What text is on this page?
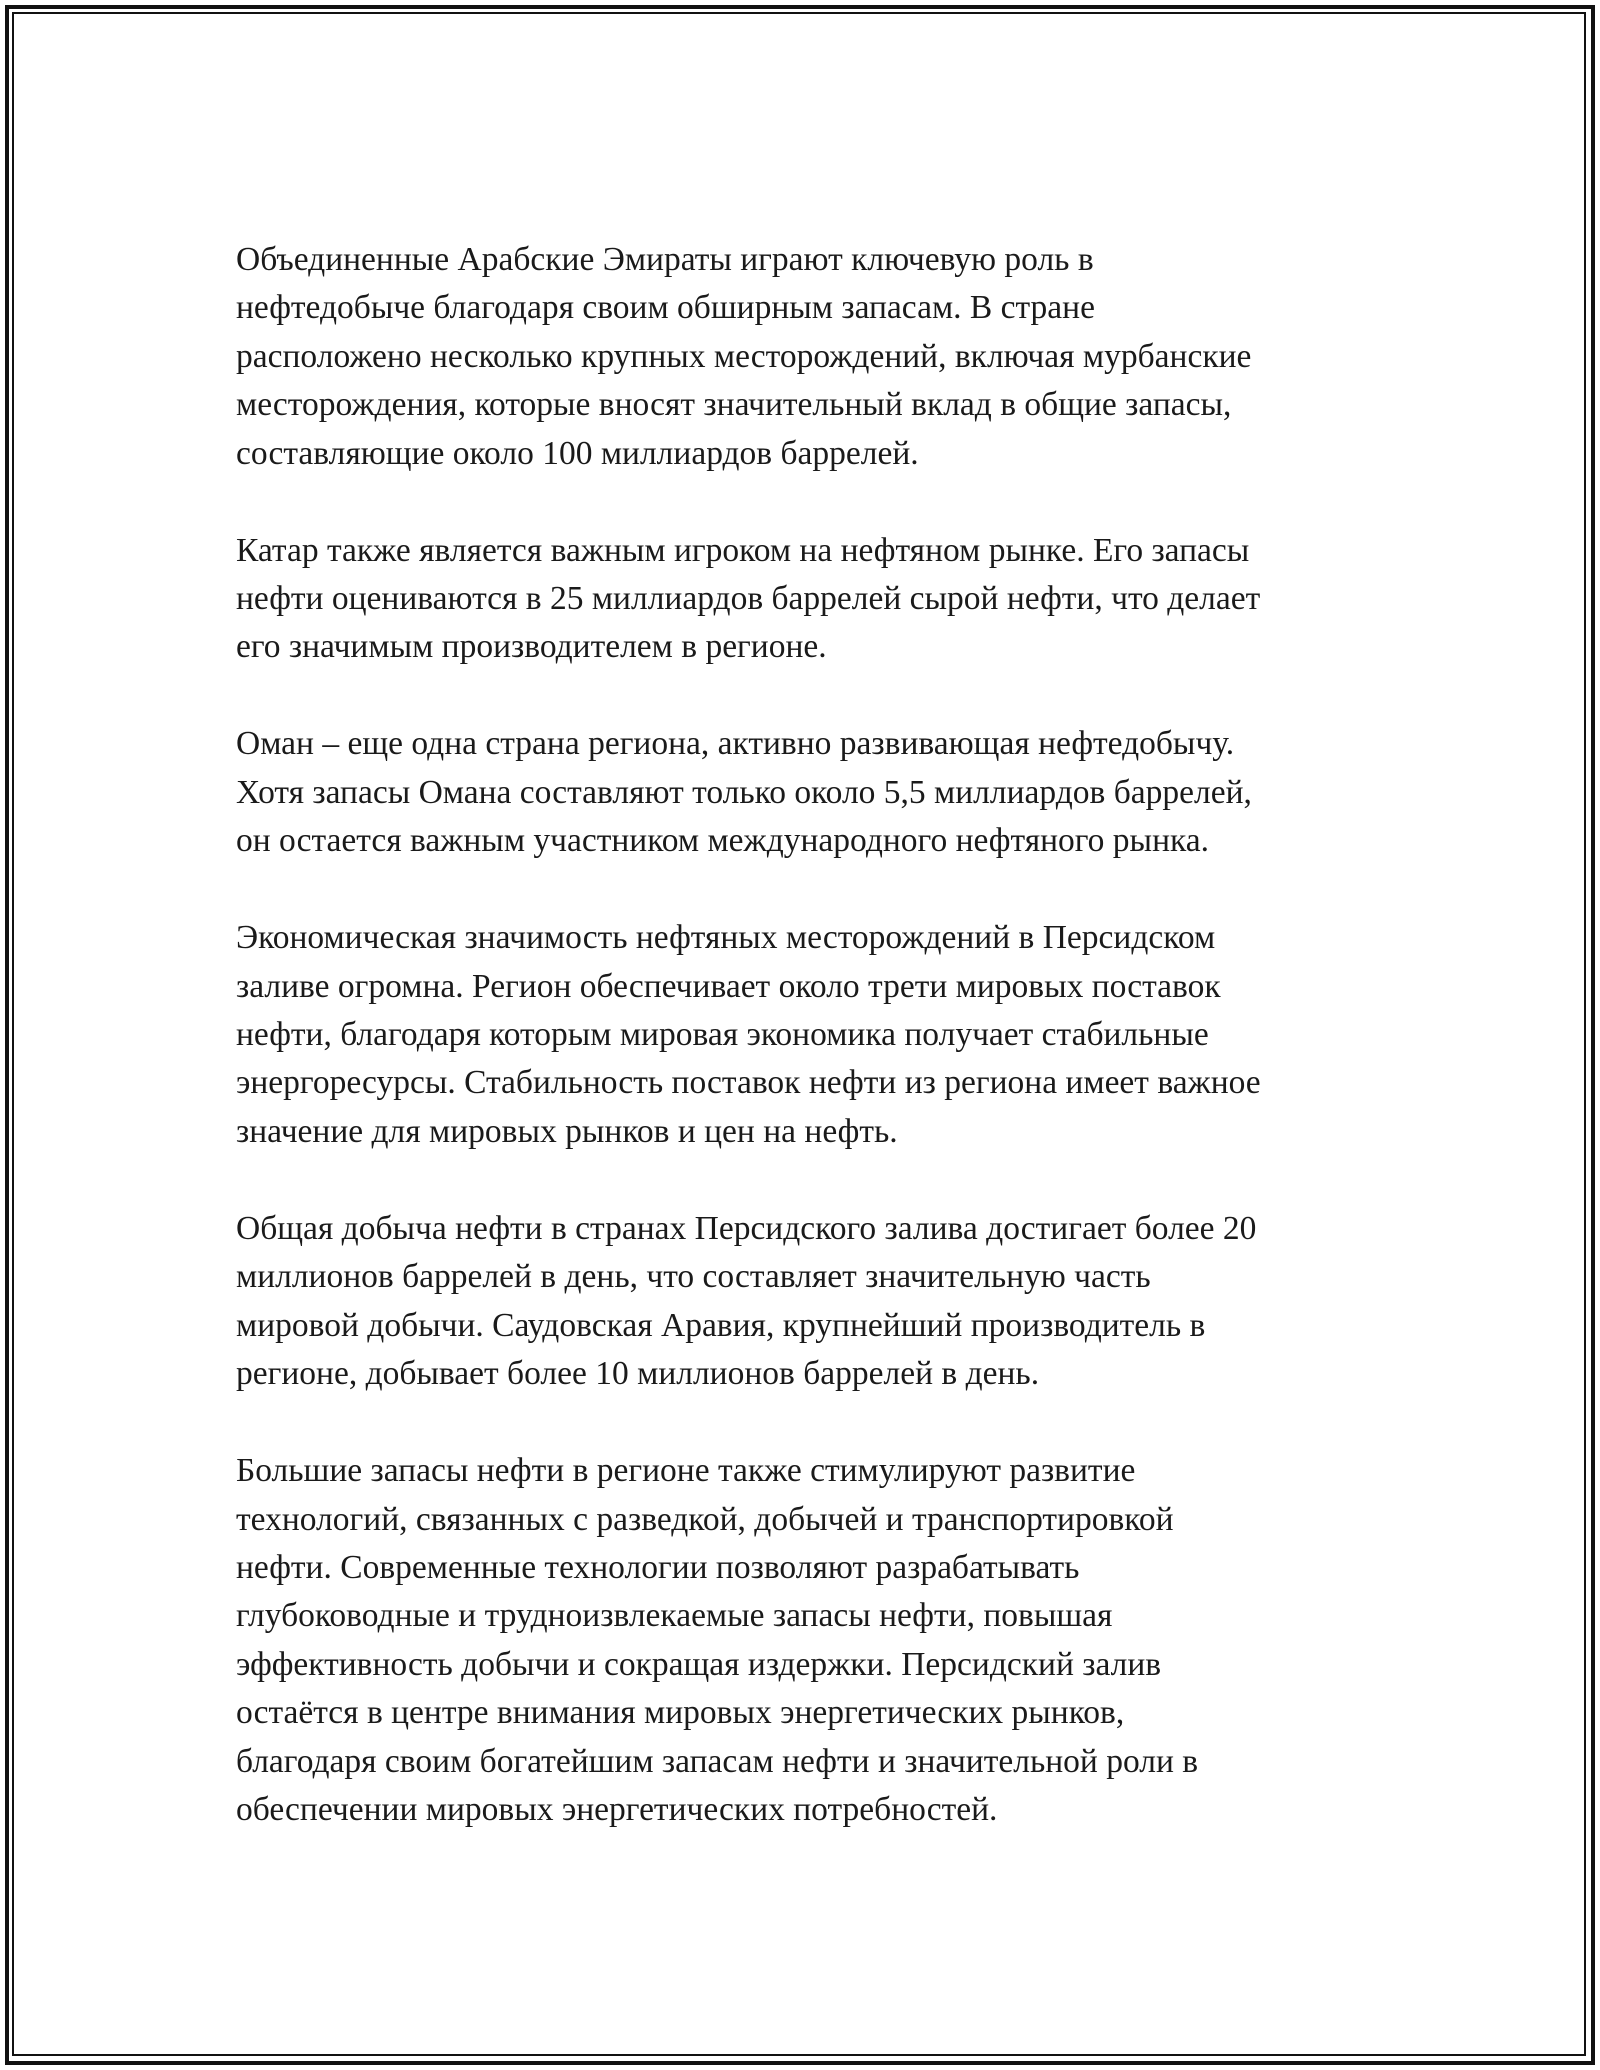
Объединенные Арабские Эмираты играют ключевую роль в
нефтедобыче благодаря своим обширным запасам. В стране
расположено несколько крупных месторождений, включая мурбанские
месторождения, которые вносят значительный вклад в общие запасы,
составляющие около 100 миллиардов баррелей.

Катар также является важным игроком на нефтяном рынке. Его запасы
нефти оцениваются в 25 миллиардов баррелей сырой нефти, что делает
его значимым производителем в регионе.

Оман – еще одна страна региона, активно развивающая нефтедобычу.
Хотя запасы Омана составляют только около 5,5 миллиардов баррелей,
он остается важным участником международного нефтяного рынка.

Экономическая значимость нефтяных месторождений в Персидском
заливе огромна. Регион обеспечивает около трети мировых поставок
нефти, благодаря которым мировая экономика получает стабильные
энергоресурсы. Стабильность поставок нефти из региона имеет важное
значение для мировых рынков и цен на нефть.

Общая добыча нефти в странах Персидского залива достигает более 20
миллионов баррелей в день, что составляет значительную часть
мировой добычи. Саудовская Аравия, крупнейший производитель в
регионе, добывает более 10 миллионов баррелей в день.

Большие запасы нефти в регионе также стимулируют развитие
технологий, связанных с разведкой, добычей и транспортировкой
нефти. Современные технологии позволяют разрабатывать
глубоководные и трудноизвлекаемые запасы нефти, повышая
эффективность добычи и сокращая издержки. Персидский залив
остаётся в центре внимания мировых энергетических рынков,
благодаря своим богатейшим запасам нефти и значительной роли в
обеспечении мировых энергетических потребностей.
